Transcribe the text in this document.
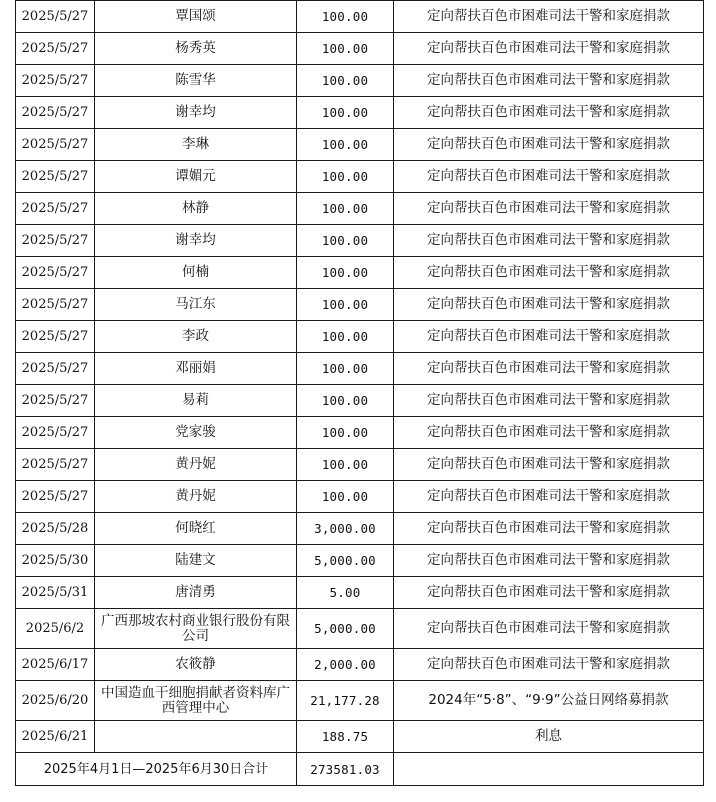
2025/5/27	覃国颂	100.00	定向帮扶百色市困难司法干警和家庭捐款
2025/5/27	杨秀英	100.00	定向帮扶百色市困难司法干警和家庭捐款
2025/5/27	陈雪华	100.00	定向帮扶百色市困难司法干警和家庭捐款
2025/5/27	谢幸均	100.00	定向帮扶百色市困难司法干警和家庭捐款
2025/5/27	李琳	100.00	定向帮扶百色市困难司法干警和家庭捐款
2025/5/27	谭媚元	100.00	定向帮扶百色市困难司法干警和家庭捐款
2025/5/27	林静	100.00	定向帮扶百色市困难司法干警和家庭捐款
2025/5/27	谢幸均	100.00	定向帮扶百色市困难司法干警和家庭捐款
2025/5/27	何楠	100.00	定向帮扶百色市困难司法干警和家庭捐款
2025/5/27	马江东	100.00	定向帮扶百色市困难司法干警和家庭捐款
2025/5/27	李政	100.00	定向帮扶百色市困难司法干警和家庭捐款
2025/5/27	邓丽娟	100.00	定向帮扶百色市困难司法干警和家庭捐款
2025/5/27	易莉	100.00	定向帮扶百色市困难司法干警和家庭捐款
2025/5/27	党家骏	100.00	定向帮扶百色市困难司法干警和家庭捐款
2025/5/27	黄丹妮	100.00	定向帮扶百色市困难司法干警和家庭捐款
2025/5/27	黄丹妮	100.00	定向帮扶百色市困难司法干警和家庭捐款
2025/5/28	何晓红	3,000.00	定向帮扶百色市困难司法干警和家庭捐款
2025/5/30	陆建文	5,000.00	定向帮扶百色市困难司法干警和家庭捐款
2025/5/31	唐清勇	5.00	定向帮扶百色市困难司法干警和家庭捐款
2025/6/2	广西那坡农村商业银行股份有限公司	5,000.00	定向帮扶百色市困难司法干警和家庭捐款
2025/6/17	农筱静	2,000.00	定向帮扶百色市困难司法干警和家庭捐款
2025/6/20	中国造血干细胞捐献者资料库广西管理中心	21,177.28	2024年“5·8”、“9·9”公益日网络募捐款
2025/6/21		188.75	利息
2025年4月1日—2025年6月30日合计		273581.03	
